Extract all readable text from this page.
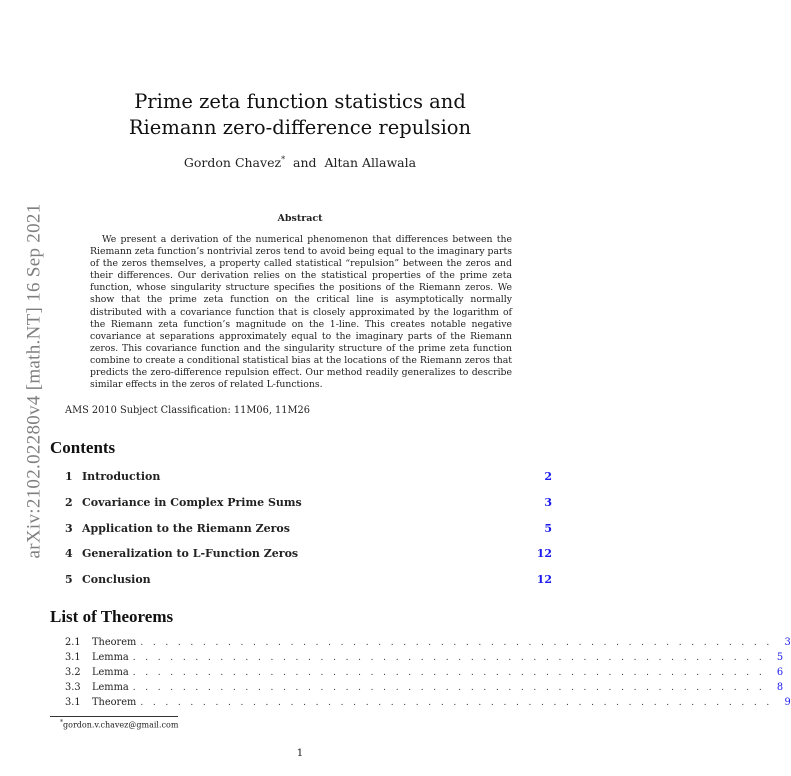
arXiv:2102.02280v4 [math.NT] 16 Sep 2021
Prime zeta function statistics and
Riemann zero-difference repulsion
Gordon Chavez* and Altan Allawala
Abstract
We present a derivation of the numerical phenomenon that differences between the Riemann zeta function’s nontrivial zeros tend to avoid being equal to the imaginary parts of the zeros themselves, a property called statistical “repulsion” between the zeros and their differences. Our derivation relies on the statistical properties of the prime zeta function, whose singularity structure specifies the positions of the Riemann zeros. We show that the prime zeta function on the critical line is asymptotically normally distributed with a covariance function that is closely approximated by the logarithm of the Riemann zeta function’s magnitude on the 1-line. This creates notable negative covariance at separations approximately equal to the imaginary parts of the Riemann zeros. This covariance function and the singularity structure of the prime zeta function combine to create a conditional statistical bias at the locations of the Riemann zeros that predicts the zero-difference repulsion effect. Our method readily generalizes to describe similar effects in the zeros of related L-functions.
AMS 2010 Subject Classification: 11M06, 11M26
Contents
1 Introduction	2
2 Covariance in Complex Prime Sums	3
3 Application to the Riemann Zeros	5
4 Generalization to L-Function Zeros	12
5 Conclusion	12
List of Theorems
2.1	Theorem . . . . . . . . . . . . . . . . . . . . . . . . . . . . . . . . . . . . . . . . . . . . . . . . . . .	3
3.1	Lemma . . . . . . . . . . . . . . . . . . . . . . . . . . . . . . . . . . . . . . . . . . . . . . . . . . .	5
3.2	Lemma . . . . . . . . . . . . . . . . . . . . . . . . . . . . . . . . . . . . . . . . . . . . . . . . . . .	6
3.3	Lemma . . . . . . . . . . . . . . . . . . . . . . . . . . . . . . . . . . . . . . . . . . . . . . . . . . .	8
3.1	Theorem . . . . . . . . . . . . . . . . . . . . . . . . . . . . . . . . . . . . . . . . . . . . . . . . . . .	9
*gordon.v.chavez@gmail.com
1
